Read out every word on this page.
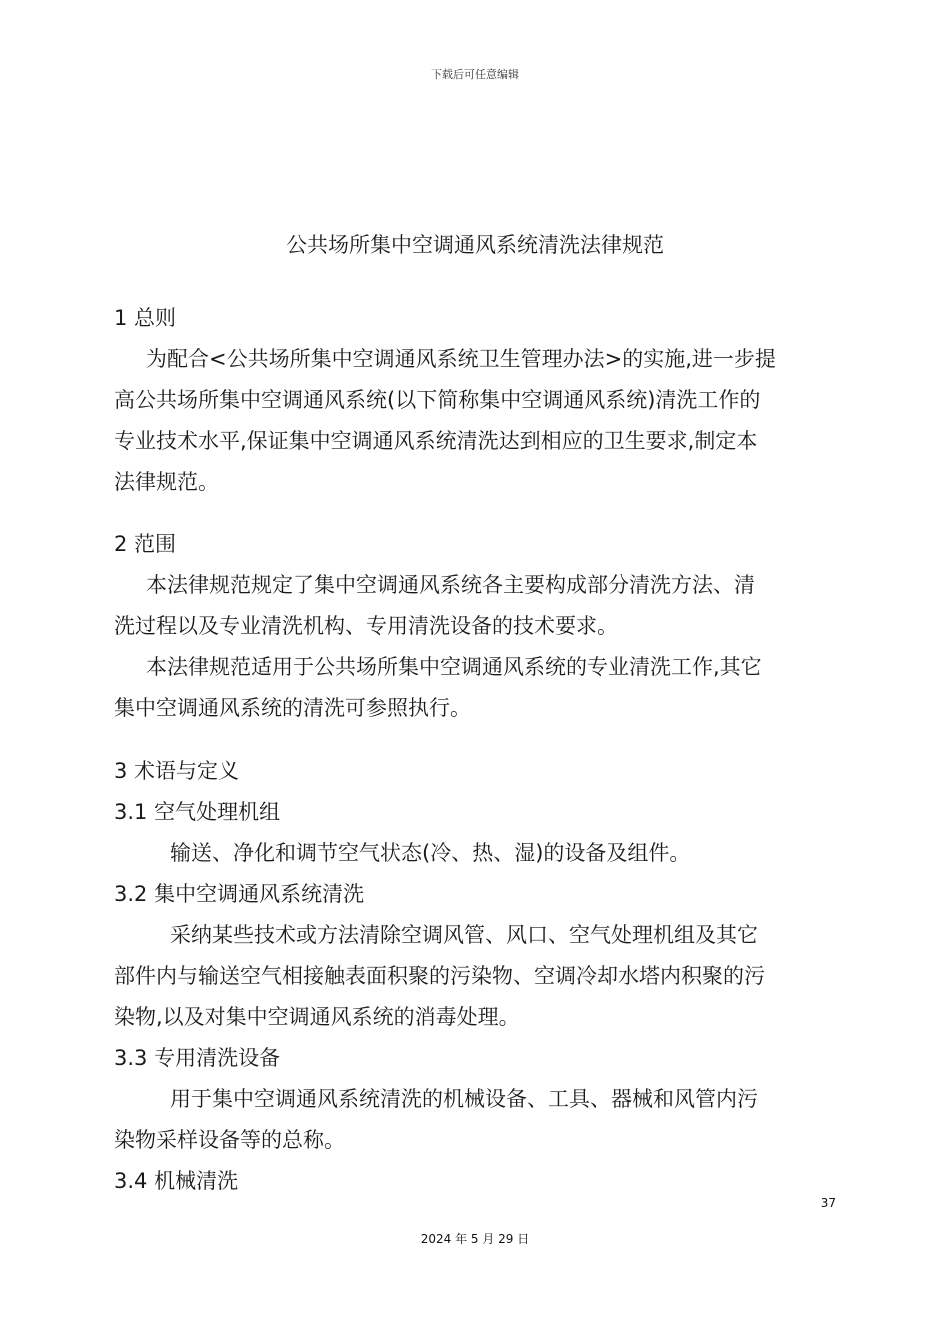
下载后可任意编辑
公共场所集中空调通风系统清洗法律规范

1 总则

为配合<公共场所集中空调通风系统卫生管理办法>的实施,进一步提

高公共场所集中空调通风系统(以下简称集中空调通风系统)清洗工作的

专业技术水平,保证集中空调通风系统清洗达到相应的卫生要求,制定本

法律规范。

2 范围

本法律规范规定了集中空调通风系统各主要构成部分清洗方法、清

洗过程以及专业清洗机构、专用清洗设备的技术要求。

本法律规范适用于公共场所集中空调通风系统的专业清洗工作,其它

集中空调通风系统的清洗可参照执行。

3 术语与定义

3.1 空气处理机组

输送、净化和调节空气状态(冷、热、湿)的设备及组件。

3.2 集中空调通风系统清洗

采纳某些技术或方法清除空调风管、风口、空气处理机组及其它

部件内与输送空气相接触表面积聚的污染物、空调冷却水塔内积聚的污

染物,以及对集中空调通风系统的消毒处理。

3.3 专用清洗设备

用于集中空调通风系统清洗的机械设备、工具、器械和风管内污

染物采样设备等的总称。

3.4 机械清洗

37
2024 年 5 月 29 日
